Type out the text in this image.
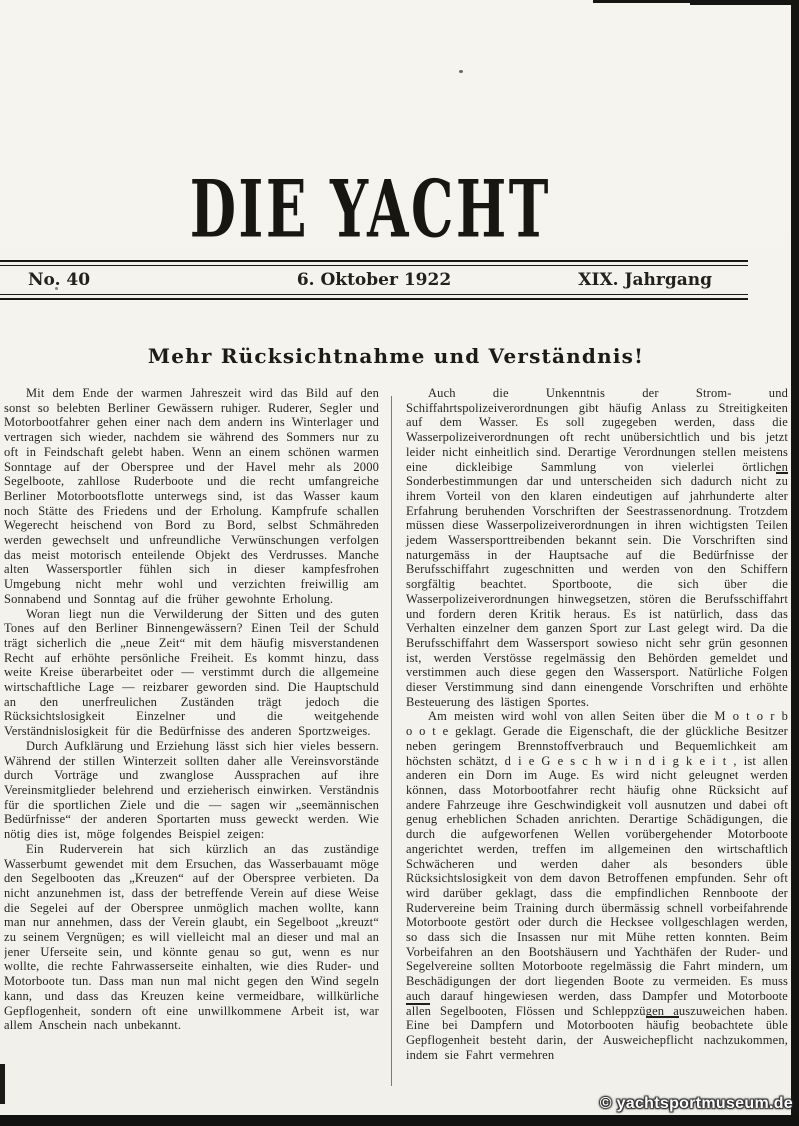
DIE YACHT
No. 40	6. Oktober 1922	XIX. Jahrgang
Mehr Rücksichtnahme und Verständnis!

Mit dem Ende der warmen Jahreszeit wird das Bild auf den sonst so belebten Berliner Gewässern ruhiger. Ruderer, Segler und Motorbootfahrer gehen einer nach dem andern ins Winterlager und vertragen sich wieder, nachdem sie während des Sommers nur zu oft in Feindschaft gelebt haben. Wenn an einem schönen warmen Sonntage auf der Oberspree und der Havel mehr als 2000 Segelboote, zahllose Ruderboote und die recht umfangreiche Berliner Motorbootsflotte unterwegs sind, ist das Wasser kaum noch Stätte des Friedens und der Erholung. Kampfrufe schallen Wegerecht heischend von Bord zu Bord, selbst Schmähreden werden gewechselt und unfreundliche Verwünschungen verfolgen das meist motorisch enteilende Objekt des Verdrusses. Manche alten Wassersportler fühlen sich in dieser kampfesfrohen Umgebung nicht mehr wohl und verzichten freiwillig am Sonnabend und Sonntag auf die früher gewohnte Erholung.

Woran liegt nun die Verwilderung der Sitten und des guten Tones auf den Berliner Binnengewässern? Einen Teil der Schuld trägt sicherlich die „neue Zeit“ mit dem häufig misverstandenen Recht auf erhöhte persönliche Freiheit. Es kommt hinzu, dass weite Kreise überarbeitet oder — verstimmt durch die allgemeine wirtschaftliche Lage — reizbarer geworden sind. Die Hauptschuld an den unerfreulichen Zuständen trägt jedoch die Rücksichtslosigkeit Einzelner und die weitgehende Verständnislosigkeit für die Bedürfnisse des anderen Sportzweiges.

Durch Aufklärung und Erziehung lässt sich hier vieles bessern. Während der stillen Winterzeit sollten daher alle Vereinsvorstände durch Vorträge und zwanglose Aussprachen auf ihre Vereinsmitglieder belehrend und erzieherisch einwirken. Verständnis für die sportlichen Ziele und die — sagen wir „seemännischen Bedürfnisse“ der anderen Sportarten muss geweckt werden. Wie nötig dies ist, möge folgendes Beispiel zeigen:

Ein Ruderverein hat sich kürzlich an das zuständige Wasserbumt gewendet mit dem Ersuchen, das Wasserbauamt möge den Segelbooten das „Kreuzen“ auf der Oberspree verbieten. Da nicht anzunehmen ist, dass der betreffende Verein auf diese Weise die Segelei auf der Oberspree unmöglich machen wollte, kann man nur annehmen, dass der Verein glaubt, ein Segelboot „kreuzt“ zu seinem Vergnügen; es will vielleicht mal an dieser und mal an jener Uferseite sein, und könnte genau so gut, wenn es nur wollte, die rechte Fahrwasserseite einhalten, wie dies Ruder- und Motorboote tun. Dass man nun mal nicht gegen den Wind segeln kann, und dass das Kreuzen keine vermeidbare, willkürliche Gepflogenheit, sondern oft eine unwillkommene Arbeit ist, war allem Anschein nach unbekannt.

Auch die Unkenntnis der Strom- und Schiffahrtspolizeiverordnungen gibt häufig Anlass zu Streitigkeiten auf dem Wasser. Es soll zugegeben werden, dass die Wasserpolizeiverordnungen oft recht unübersichtlich und bis jetzt leider nicht einheitlich sind. Derartige Verordnungen stellen meistens eine dickleibige Sammlung von vielerlei örtlichen Sonderbestimmungen dar und unterscheiden sich dadurch nicht zu ihrem Vorteil von den klaren eindeutigen auf jahrhunderte alter Erfahrung beruhenden Vorschriften der Seestrassenordnung. Trotzdem müssen diese Wasserpolizeiverordnungen in ihren wichtigsten Teilen jedem Wassersporttreibenden bekannt sein. Die Vorschriften sind naturgemäss in der Hauptsache auf die Bedürfnisse der Berufsschiffahrt zugeschnitten und werden von den Schiffern sorgfältig beachtet. Sportboote, die sich über die Wasserpolizeiverordnungen hinwegsetzen, stören die Berufsschiffahrt und fordern deren Kritik heraus. Es ist natürlich, dass das Verhalten einzelner dem ganzen Sport zur Last gelegt wird. Da die Berufsschiffahrt dem Wassersport sowieso nicht sehr grün gesonnen ist, werden Verstösse regelmässig den Behörden gemeldet und verstimmen auch diese gegen den Wassersport. Natürliche Folgen dieser Verstimmung sind dann einengende Vorschriften und erhöhte Besteuerung des lästigen Sportes.

Am meisten wird wohl von allen Seiten über die M o t o r b o o t e geklagt. Gerade die Eigenschaft, die der glückliche Besitzer neben geringem Brennstoffverbrauch und Bequemlichkeit am höchsten schätzt, d i e G e s c h w i n d i g k e i t , ist allen anderen ein Dorn im Auge. Es wird nicht geleugnet werden können, dass Motorbootfahrer recht häufig ohne Rücksicht auf andere Fahrzeuge ihre Geschwindigkeit voll ausnutzen und dabei oft genug erheblichen Schaden anrichten. Derartige Schädigungen, die durch die aufgeworfenen Wellen vorübergehender Motorboote angerichtet werden, treffen im allgemeinen den wirtschaftlich Schwächeren und werden daher als besonders üble Rücksichtslosigkeit von dem davon Betroffenen empfunden. Sehr oft wird darüber geklagt, dass die empfindlichen Rennboote der Rudervereine beim Training durch übermässig schnell vorbeifahrende Motorboote gestört oder durch die Hecksee vollgeschlagen werden, so dass sich die Insassen nur mit Mühe retten konnten. Beim Vorbeifahren an den Bootshäusern und Yachthäfen der Ruder- und Segelvereine sollten Motorboote regelmässig die Fahrt mindern, um Beschädigungen der dort liegenden Boote zu vermeiden. Es muss auch darauf hingewiesen werden, dass Dampfer und Motorboote allen Segelbooten, Flössen und Schleppzügen auszuweichen haben. Eine bei Dampfern und Motorbooten häufig beobachtete üble Gepflogenheit besteht darin, der Ausweichepflicht nachzukommen, indem sie Fahrt vermehren

© yachtsportmuseum.de
